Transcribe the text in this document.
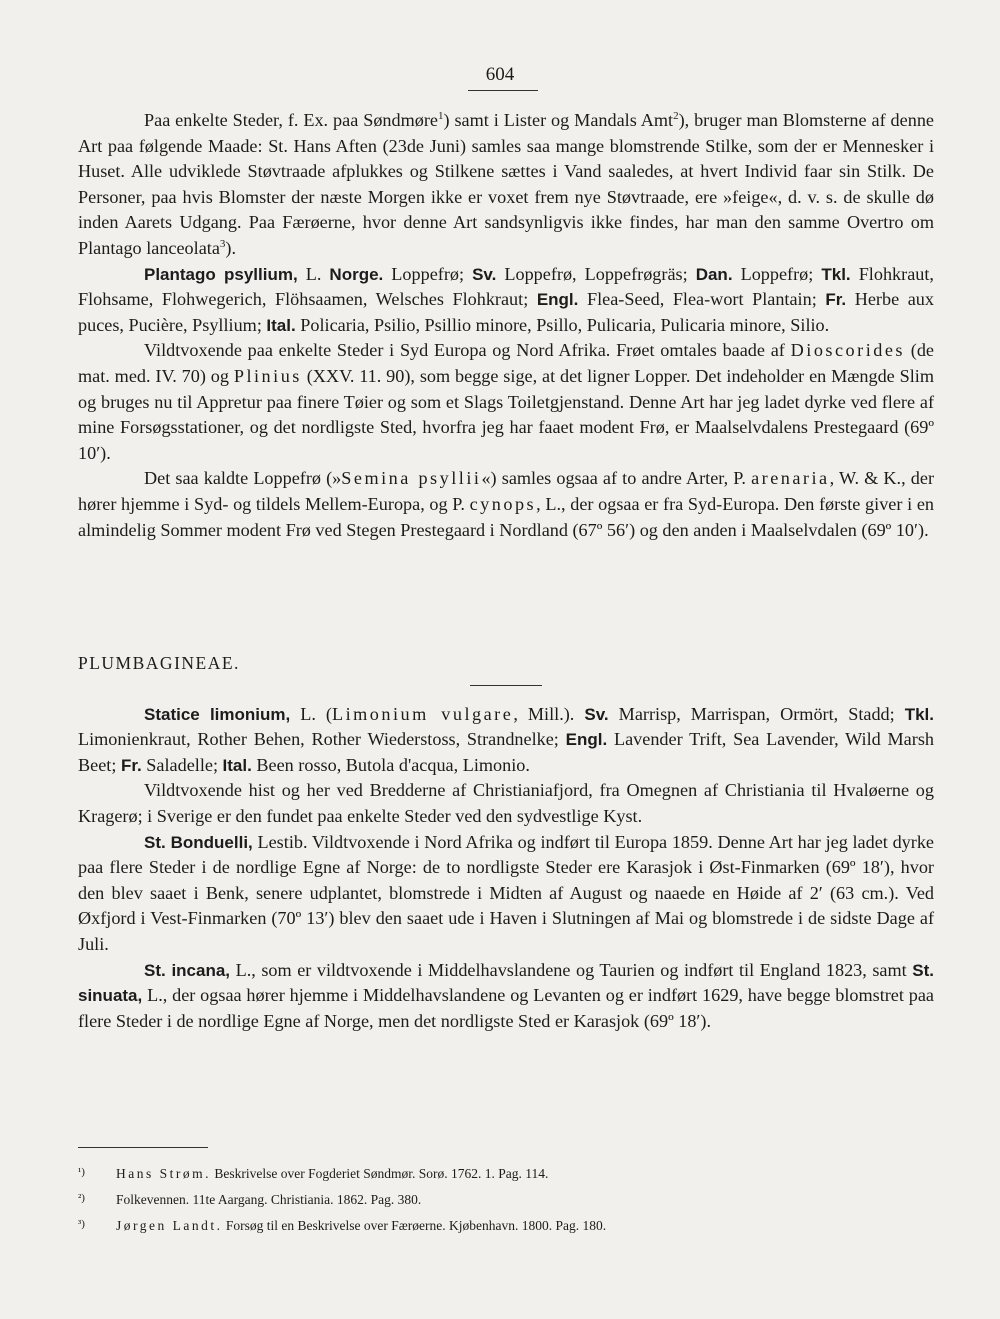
604

Paa enkelte Steder, f. Ex. paa Søndmøre$^1$) samt i Lister og Mandals Amt$^2$), bruger man Blomsterne af denne Art paa følgende Maade: St. Hans Aften (23de Juni) samles saa mange blomstrende Stilke, som der er Mennesker i Huset. Alle udviklede Støvtraade afplukkes og Stilkene sættes i Vand saaledes, at hvert Individ faar sin Stilk. De Personer, paa hvis Blomster der næste Morgen ikke er voxet frem nye Støvtraade, ere »feige«, d. v. s. de skulle dø inden Aarets Udgang. Paa Færøerne, hvor denne Art sandsynligvis ikke findes, har man den samme Overtro om Plantago lanceolata$^3$).

Plantago psyllium, L. Norge. Loppefrø; Sv. Loppefrø, Loppefrøgräs; Dan. Loppefrø; Tkl. Flohkraut, Flohsame, Flohwegerich, Flöhsaamen, Welsches Flohkraut; Engl. Flea-Seed, Flea-wort Plantain; Fr. Herbe aux puces, Pucière, Psyllium; Ital. Policaria, Psilio, Psillio minore, Psillo, Pulicaria, Pulicaria minore, Silio.

Vildtvoxende paa enkelte Steder i Syd Europa og Nord Afrika. Frøet omtales baade af Dioscorides (de mat. med. IV. 70) og Plinius (XXV. 11. 90), som begge sige, at det ligner Lopper. Det indeholder en Mængde Slim og bruges nu til Appretur paa finere Tøier og som et Slags Toiletgjenstand. Denne Art har jeg ladet dyrke ved flere af mine Forsøgsstationer, og det nordligste Sted, hvorfra jeg har faaet modent Frø, er Maalselvdalens Prestegaard (69º 10′).

Det saa kaldte Loppefrø (»Semina psyllii«) samles ogsaa af to andre Arter, P. arenaria, W. & K., der hører hjemme i Syd- og tildels Mellem-Europa, og P. cynops, L., der ogsaa er fra Syd-Europa. Den første giver i en almindelig Sommer modent Frø ved Stegen Prestegaard i Nordland (67º 56′) og den anden i Maalselvdalen (69º 10′).

PLUMBAGINEAE.

Statice limonium, L. (Limonium vulgare, Mill.). Sv. Marrisp, Marrispan, Ormört, Stadd; Tkl. Limonienkraut, Rother Behen, Rother Wiederstoss, Strandnelke; Engl. Lavender Trift, Sea Lavender, Wild Marsh Beet; Fr. Saladelle; Ital. Been rosso, Butola d'acqua, Limonio.

Vildtvoxende hist og her ved Bredderne af Christianiafjord, fra Omegnen af Christiania til Hvaløerne og Kragerø; i Sverige er den fundet paa enkelte Steder ved den sydvestlige Kyst.

St. Bonduelli, Lestib. Vildtvoxende i Nord Afrika og indført til Europa 1859. Denne Art har jeg ladet dyrke paa flere Steder i de nordlige Egne af Norge: de to nordligste Steder ere Karasjok i Øst-Finmarken (69º 18′), hvor den blev saaet i Benk, senere udplantet, blomstrede i Midten af August og naaede en Høide af 2′ (63 cm.). Ved Øxfjord i Vest-Finmarken (70º 13′) blev den saaet ude i Haven i Slutningen af Mai og blomstrede i de sidste Dage af Juli.

St. incana, L., som er vildtvoxende i Middelhavslandene og Taurien og indført til England 1823, samt St. sinuata, L., der ogsaa hører hjemme i Middelhavslandene og Levanten og er indført 1629, have begge blomstret paa flere Steder i de nordlige Egne af Norge, men det nordligste Sted er Karasjok (69º 18′).

¹) Hans Strøm. Beskrivelse over Fogderiet Søndmør. Sorø. 1762. 1. Pag. 114.

²) Folkevennen. 11te Aargang. Christiania. 1862. Pag. 380.

³) Jørgen Landt. Forsøg til en Beskrivelse over Færøerne. Kjøbenhavn. 1800. Pag. 180.
